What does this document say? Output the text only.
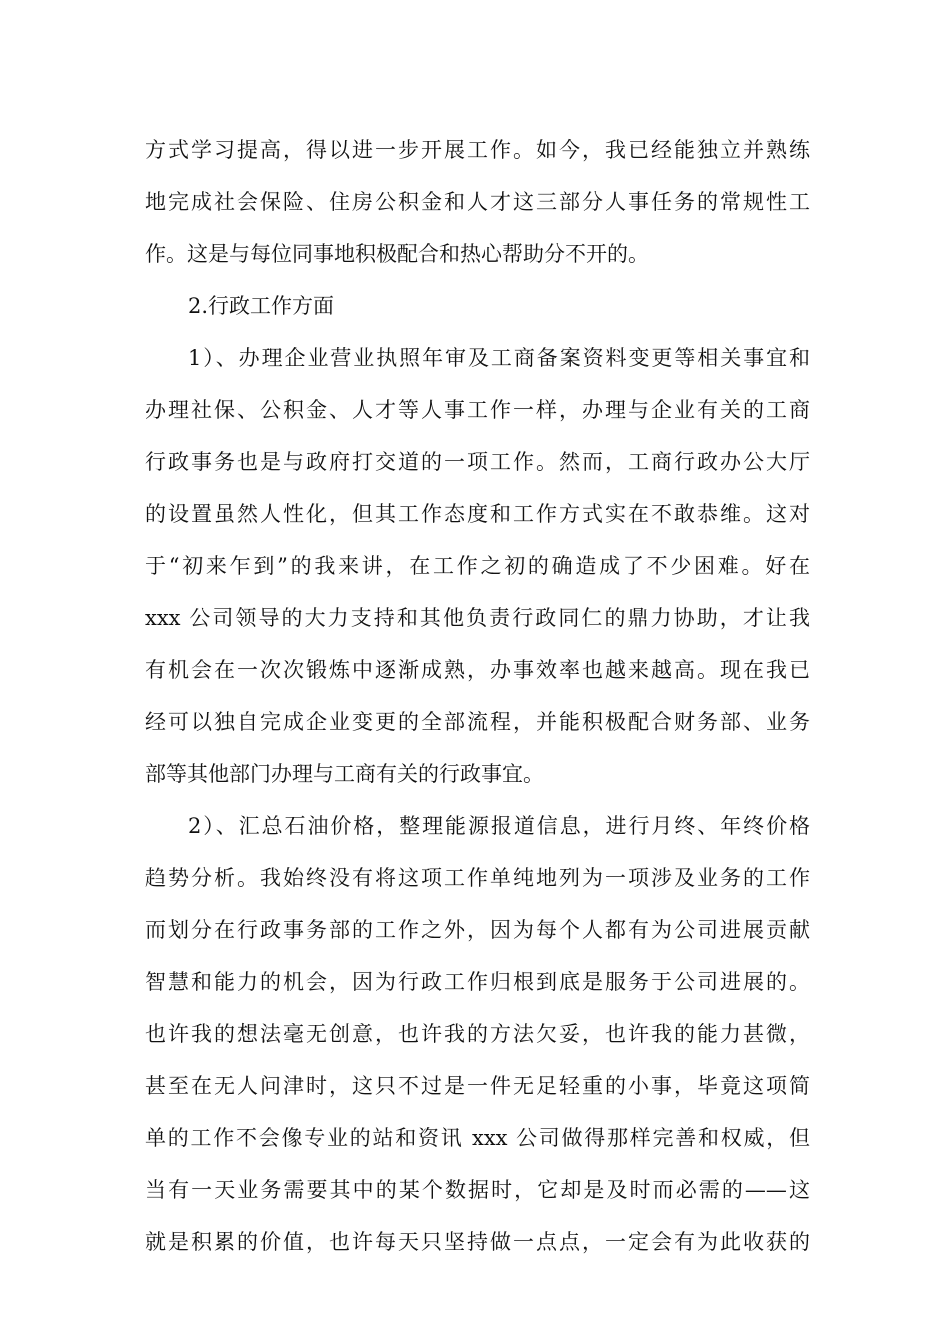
方式学习提高，得以进一步开展工作。如今，我已经能独立并熟练
地完成社会保险、住房公积金和人才这三部分人事任务的常规性工
作。这是与每位同事地积极配合和热心帮助分不开的。
2.行政工作方面
1）、办理企业营业执照年审及工商备案资料变更等相关事宜和
办理社保、公积金、人才等人事工作一样，办理与企业有关的工商
行政事务也是与政府打交道的一项工作。然而，工商行政办公大厅
的设置虽然人性化，但其工作态度和工作方式实在不敢恭维。这对
于“初来乍到”的我来讲，在工作之初的确造成了不少困难。好在
xxx 公司领导的大力支持和其他负责行政同仁的鼎力协助，才让我
有机会在一次次锻炼中逐渐成熟，办事效率也越来越高。现在我已
经可以独自完成企业变更的全部流程，并能积极配合财务部、业务
部等其他部门办理与工商有关的行政事宜。
2）、汇总石油价格，整理能源报道信息，进行月终、年终价格
趋势分析。我始终没有将这项工作单纯地列为一项涉及业务的工作
而划分在行政事务部的工作之外，因为每个人都有为公司进展贡献
智慧和能力的机会，因为行政工作归根到底是服务于公司进展的。
也许我的想法毫无创意，也许我的方法欠妥，也许我的能力甚微，
甚至在无人问津时，这只不过是一件无足轻重的小事，毕竟这项简
单的工作不会像专业的站和资讯 xxx 公司做得那样完善和权威，但
当有一天业务需要其中的某个数据时，它却是及时而必需的——这
就是积累的价值，也许每天只坚持做一点点，一定会有为此收获的
